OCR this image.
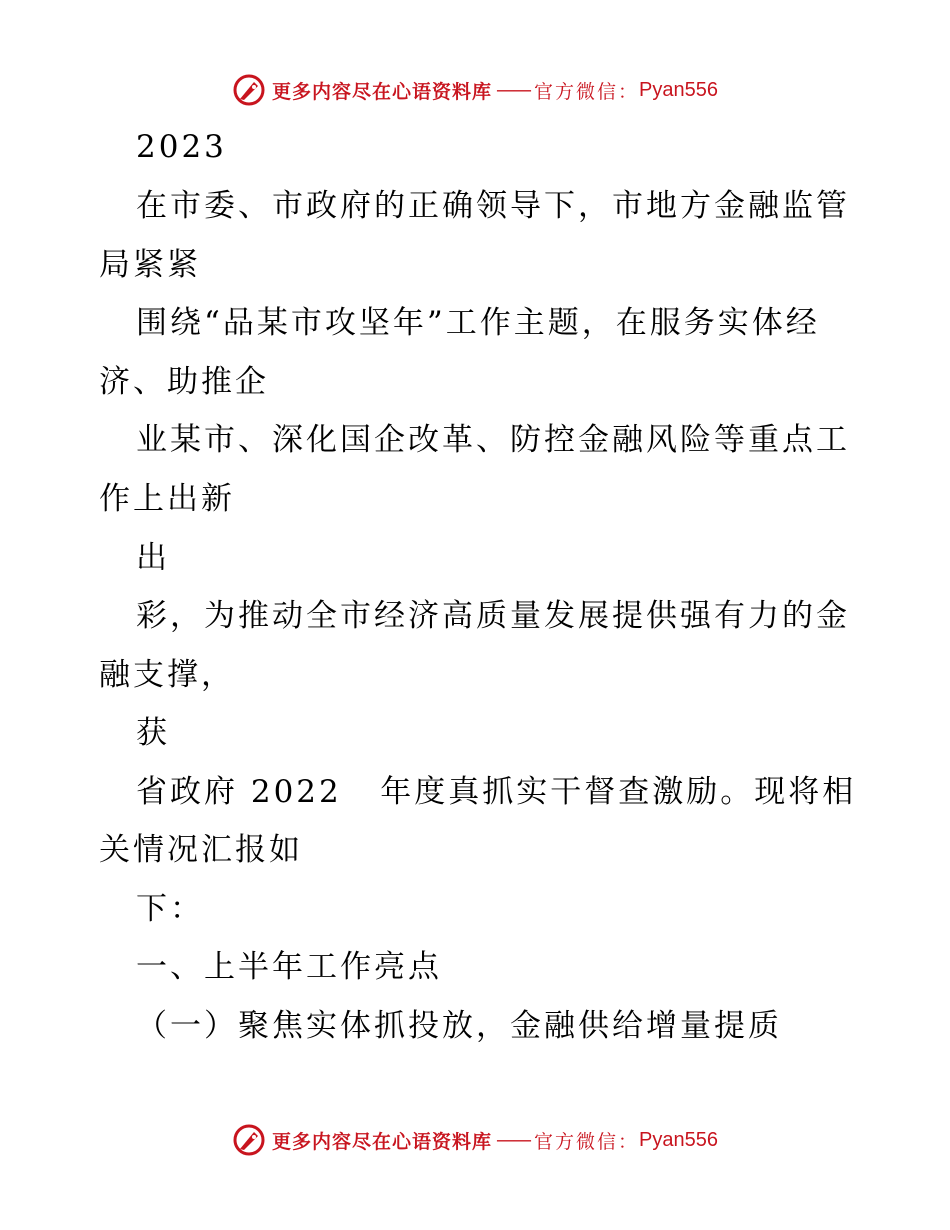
更多内容尽在心语资料库 —— 官方微信： Pyan556
2023
在市委、市政府的正确领导下，市地方金融监管
局紧紧
围绕“品某市攻坚年”工作主题，在服务实体经
济、助推企
业某市、深化国企改革、防控金融风险等重点工
作上出新
出
彩，为推动全市经济高质量发展提供强有力的金
融支撑，
获
省政府 2022   年度真抓实干督查激励。现将相
关情况汇报如
下：
一、上半年工作亮点
（一）聚焦实体抓投放，金融供给增量提质
更多内容尽在心语资料库 —— 官方微信： Pyan556
